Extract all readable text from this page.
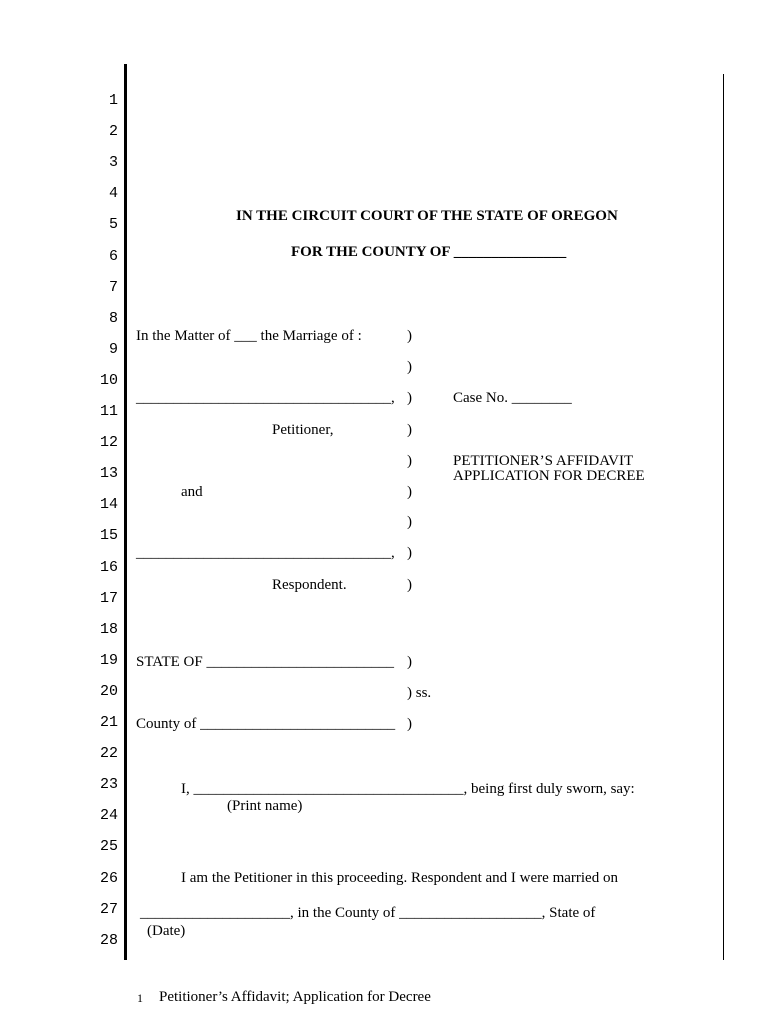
1
2
3
4
5
6
7
8
9
10
11
12
13
14
15
16
17
18
19
20
21
22
23
24
25
26
27
28
IN THE CIRCUIT COURT OF THE STATE OF OREGON
FOR THE COUNTY OF _______________
In the Matter of ___ the Marriage of :
__________________________________,
Petitioner,
and
__________________________________,
Respondent.
)
)
)
)
)
)
)
)
)
Case No. ________
PETITIONER’S AFFIDAVIT
APPLICATION FOR DECREE
STATE OF _________________________ )
) ss.
County of __________________________ )
I, ____________________________________, being first duly sworn, say:
(Print name)
I am the Petitioner in this proceeding. Respondent and I were married on
____________________, in the County of ___________________, State of
(Date)
1 Petitioner’s Affidavit; Application for Decree
